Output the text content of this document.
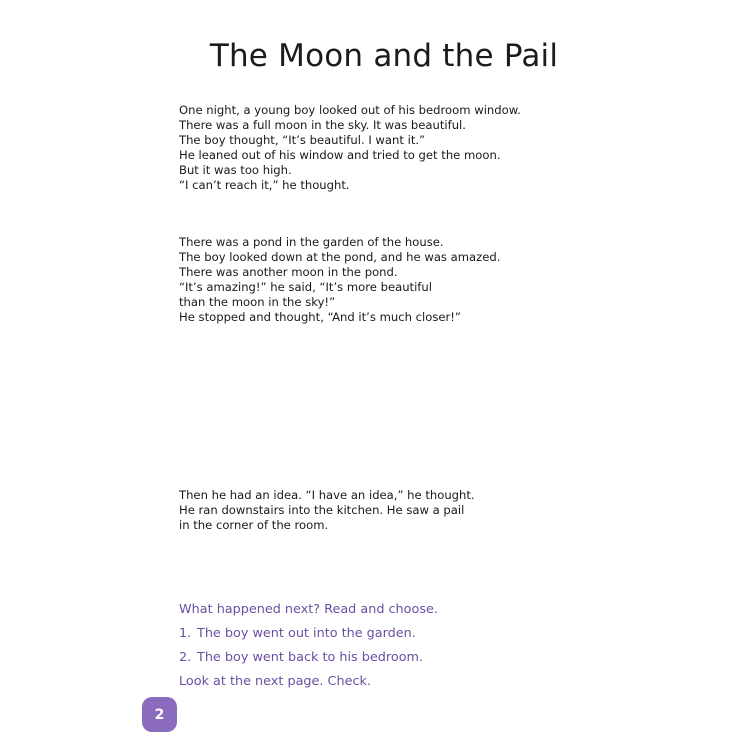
The Moon and the Pail

One night, a young boy looked out of his bedroom window.
There was a full moon in the sky. It was beautiful.
The boy thought, “It’s beautiful. I want it.”
He leaned out of his window and tried to get the moon.
But it was too high.
“I can’t reach it,” he thought.

There was a pond in the garden of the house.
The boy looked down at the pond, and he was amazed.
There was another moon in the pond.
“It’s amazing!” he said, “It’s more beautiful
than the moon in the sky!”
He stopped and thought, “And it’s much closer!”

Then he had an idea. “I have an idea,” he thought.
He ran downstairs into the kitchen. He saw a pail
in the corner of the room.

What happened next? Read and choose.
1. The boy went out into the garden.
2. The boy went back to his bedroom.
Look at the next page. Check.
2
